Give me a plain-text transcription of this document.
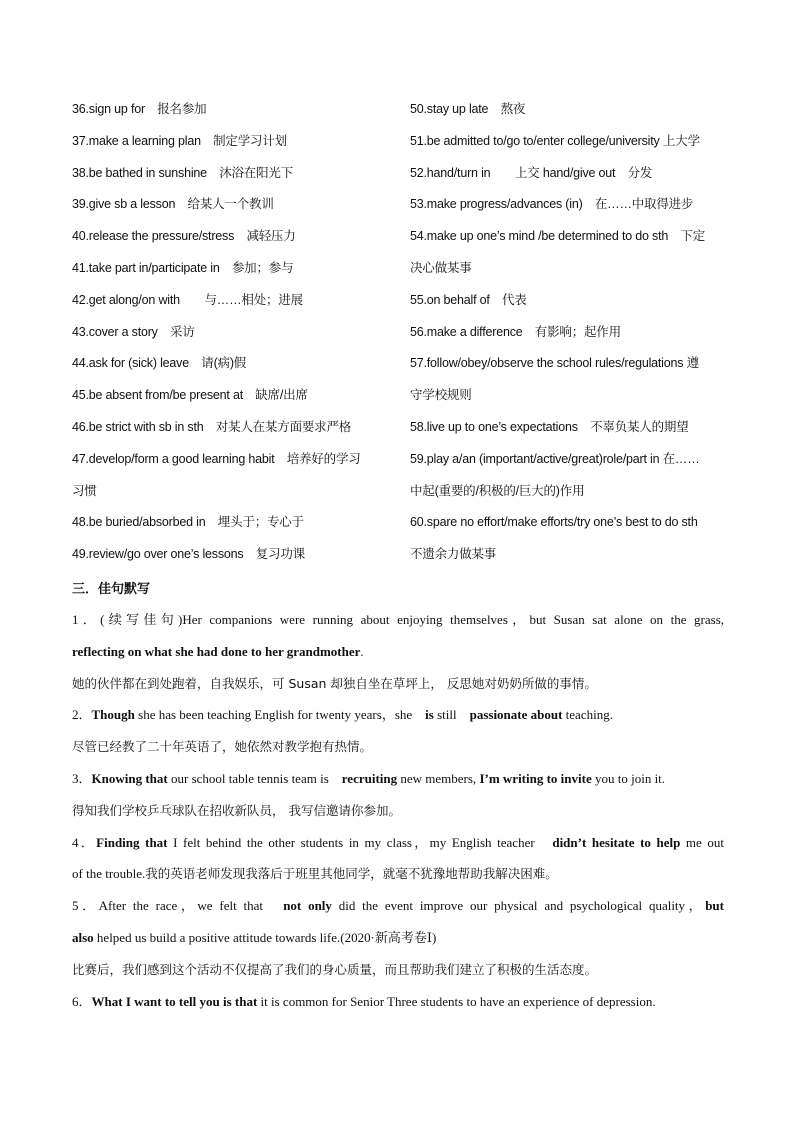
36.sign up for　报名参加
37.make a learning plan　制定学习计划
38.be bathed in sunshine　沐浴在阳光下
39.give sb a lesson　给某人一个教训
40.release the pressure/stress　减轻压力
41.take part in/participate in　参加；参与
42.get along/on with　　与……相处；进展
43.cover a story　采访
44.ask for (sick) leave　请(病)假
45.be absent from/be present at　缺席/出席
46.be strict with sb in sth　对某人在某方面要求严格
47.develop/form a good learning habit　培养好的学习
习惯
48.be buried/absorbed in　埋头于；专心于
49.review/go over one’s lessons　复习功课
50.stay up late　熬夜
51.be admitted to/go to/enter college/university 上大学
52.hand/turn in　　上交 hand/give out　分发
53.make progress/advances (in)　在……中取得进步
54.make up one’s mind /be determined to do sth　下定
决心做某事
55.on behalf of　代表
56.make a difference　有影响；起作用
57.follow/obey/observe the school rules/regulations 遵
守学校规则
58.live up to one’s expectations　不辜负某人的期望
59.play a/an (important/active/great)role/part in 在……
中起(重要的/积极的/巨大的)作用
60.spare no effort/make efforts/try one’s best to do sth
不遗余力做某事
三．佳句默写
1．(续写佳句)Her companions were running about enjoying themselves，but Susan sat alone on the grass,
reflecting on what she had done to her grandmother.
她的伙伴都在到处跑着，自我娱乐，可 Susan 却独自坐在草坪上， 反思她对奶奶所做的事情。
2．Though she has been teaching English for twenty years，she　is still　passionate about teaching.
尽管已经教了二十年英语了，她依然对教学抱有热情。
3．Knowing that our school table tennis team is　recruiting new members, I’m writing to invite you to join it.
得知我们学校乒乓球队在招收新队员， 我写信邀请你参加。
4．Finding that I felt behind the other students in my class，my English teacher　didn’t hesitate to help me out
of the trouble.我的英语老师发现我落后于班里其他同学，就毫不犹豫地帮助我解决困难。
5．After the race，we felt that　not only did the event improve our physical and psychological quality，but
also helped us build a positive attitude towards life.(2020·新高考卷Ⅰ)
比赛后，我们感到这个活动不仅提高了我们的身心质量，而且帮助我们建立了积极的生活态度。
6．What I want to tell you is that it is common for Senior Three students to have an experience of depression.
